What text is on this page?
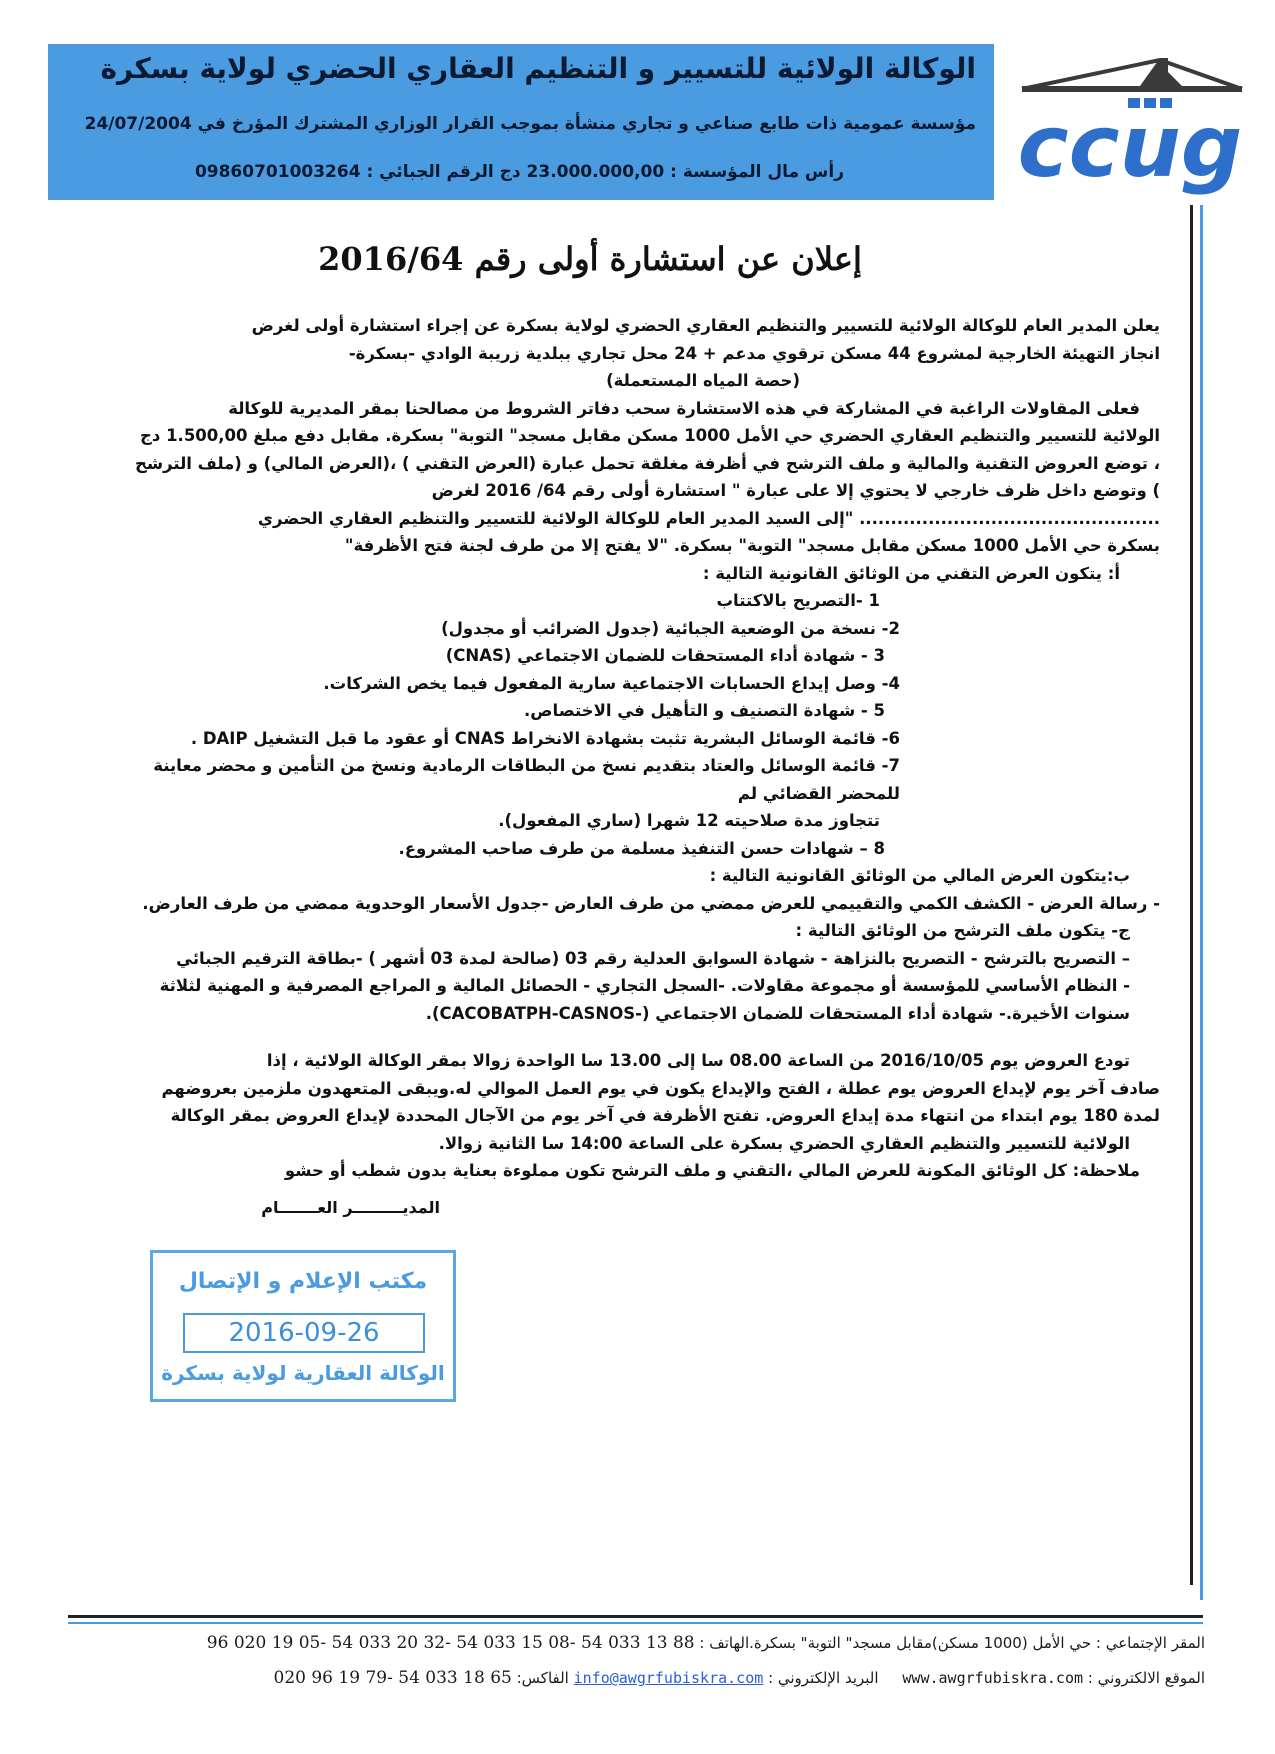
الوكالة الولائية للتسيير و التنظيم العقاري الحضري لولاية بسكرة
مؤسسة عمومية ذات طابع صناعي و تجاري منشأة بموجب القرار الوزاري المشترك المؤرخ في 24/07/2004
رأس مال المؤسسة : 23.000.000,00 دج الرقم الجبائي : 09860701003264 ccug
إعلان عن استشارة أولى رقم 2016/64

يعلن المدير العام للوكالة الولائية للتسيير والتنظيم العقاري الحضري لولاية بسكرة عن إجراء استشارة أولى لغرض

انجاز التهيئة الخارجية لمشروع 44 مسكن ترقوي مدعم + 24 محل تجاري ببلدية زريبة الوادي -بسكرة-

(حصة المياه المستعملة)

فعلى المقاولات الراغبة في المشاركة في هذه الاستشارة سحب دفاتر الشروط من مصالحنا بمقر المديرية للوكالة

الولائية للتسيير والتنظيم العقاري الحضري حي الأمل 1000 مسكن مقابل مسجد" التوبة" بسكرة. مقابل دفع مبلغ 1.500,00 دج

، توضع العروض التقنية والمالية و ملف الترشح في أظرفة مغلقة تحمل عبارة (العرض التقني ) ،(العرض المالي) و (ملف الترشح

) وتوضع داخل ظرف خارجي لا يحتوي إلا على عبارة " استشارة أولى رقم 64/ 2016 لغرض

................................................ "إلى السيد المدير العام للوكالة الولائية للتسيير والتنظيم العقاري الحضري

بسكرة حي الأمل 1000 مسكن مقابل مسجد" التوبة" بسكرة. "لا يفتح إلا من طرف لجنة فتح الأظرفة"

أ: يتكون العرض التقني من الوثائق القانونية التالية :

1 -التصريح بالاكتتاب

2- نسخة من الوضعية الجبائية (جدول الضرائب أو مجدول)

3 - شهادة أداء المستحقات للضمان الاجتماعي (CNAS)

4- وصل إيداع الحسابات الاجتماعية سارية المفعول فيما يخص الشركات.

5 - شهادة التصنيف و التأهيل في الاختصاص.

6- قائمة الوسائل البشرية تثبت بشهادة الانخراط CNAS أو عقود ما قبل التشغيل DAIP .

7- قائمة الوسائل والعتاد بتقديم نسخ من البطاقات الرمادية ونسخ من التأمين و محضر معاينة للمحضر القضائي لم

تتجاوز مدة صلاحيته 12 شهرا (ساري المفعول).

8 – شهادات حسن التنفيذ مسلمة من طرف صاحب المشروع.

ب:يتكون العرض المالي من الوثائق القانونية التالية :

- رسالة العرض - الكشف الكمي والتقييمي للعرض ممضي من طرف العارض -جدول الأسعار الوحدوية ممضي من طرف العارض.

ج- يتكون ملف الترشح من الوثائق التالية :

– التصريح بالترشح - التصريح بالنزاهة - شهادة السوابق العدلية رقم 03 (صالحة لمدة 03 أشهر ) -بطاقة الترقيم الجبائي

- النظام الأساسي للمؤسسة أو مجموعة مقاولات. -السجل التجاري - الحصائل المالية و المراجع المصرفية و المهنية لثلاثة

سنوات الأخيرة.- شهادة أداء المستحقات للضمان الاجتماعي (-CACOBATPH-CASNOS).

تودع العروض يوم 2016/10/05 من الساعة 08.00 سا إلى 13.00 سا الواحدة زوالا بمقر الوكالة الولائية ، إذا

صادف آخر يوم لإيداع العروض يوم عطلة ، الفتح والإيداع يكون في يوم العمل الموالي له.ويبقى المتعهدون ملزمين بعروضهم

لمدة 180 يوم ابتداء من انتهاء مدة إيداع العروض. تفتح الأظرفة في آخر يوم من الآجال المحددة لإيداع العروض بمقر الوكالة

الولائية للتسيير والتنظيم العقاري الحضري بسكرة على الساعة 14:00 سا الثانية زوالا.

ملاحظة: كل الوثائق المكونة للعرض المالي ،التقني و ملف الترشح تكون مملوءة بعناية بدون شطب أو حشو

المديـــــــــر العـــــــام
مكتب الإعلام و الإتصال
2016-09-26
الوكالة العقارية لولاية بسكرة
المقر الإجتماعي : حي الأمل (1000 مسكن)مقابل مسجد" التوبة" بسكرة.الهاتف : 88 13 033 54 -08 15 033 54 -32 20 033 54 -05 19 020 96
الموقع الالكتروني : www.awgrfubiskra.com     البريد الإلكتروني : info@awgrfubiskra.com الفاكس: 65 18 033 54 -79 19 96 020
